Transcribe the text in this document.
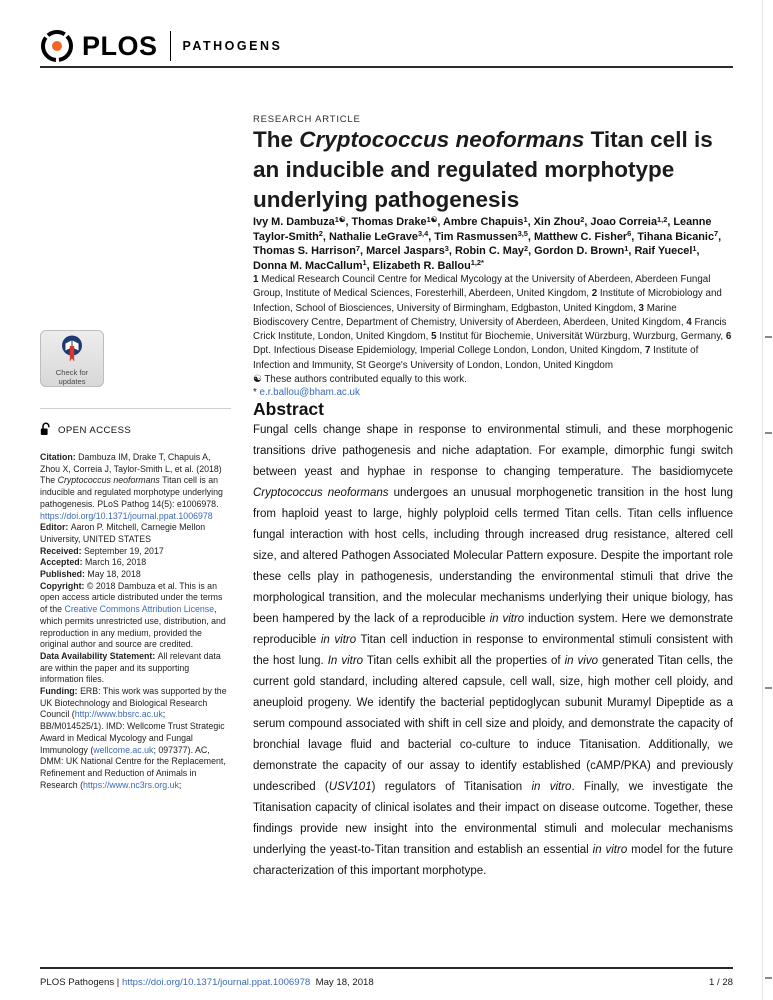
PLOS PATHOGENS
Check for updates
OPEN ACCESS

Citation: Dambuza IM, Drake T, Chapuis A, Zhou X, Correia J, Taylor-Smith L, et al. (2018) The Cryptococcus neoformans Titan cell is an inducible and regulated morphotype underlying pathogenesis. PLoS Pathog 14(5): e1006978. https://doi.org/10.1371/journal.ppat.1006978

Editor: Aaron P. Mitchell, Carnegie Mellon University, UNITED STATES

Received: September 19, 2017

Accepted: March 16, 2018

Published: May 18, 2018

Copyright: © 2018 Dambuza et al. This is an open access article distributed under the terms of the Creative Commons Attribution License, which permits unrestricted use, distribution, and reproduction in any medium, provided the original author and source are credited.

Data Availability Statement: All relevant data are within the paper and its supporting information files.

Funding: ERB: This work was supported by the UK Biotechnology and Biological Research Council (http://www.bbsrc.ac.uk; BB/M014525/1). IMD: Wellcome Trust Strategic Award in Medical Mycology and Fungal Immunology (wellcome.ac.uk; 097377). AC, DMM: UK National Centre for the Replacement, Refinement and Reduction of Animals in Research (https://www.nc3rs.org.uk;

RESEARCH ARTICLE
The Cryptococcus neoformans Titan cell is an inducible and regulated morphotype underlying pathogenesis

Ivy M. Dambuza$^{1☯}$, Thomas Drake$^{1☯}$, Ambre Chapuis$^1$, Xin Zhou$^2$, Joao Correia$^{1,2}$, Leanne Taylor-Smith$^2$, Nathalie LeGrave$^{3,4}$, Tim Rasmussen$^{3,5}$, Matthew C. Fisher$^6$, Tihana Bicanic$^7$, Thomas S. Harrison$^7$, Marcel Jaspars$^3$, Robin C. May$^2$, Gordon D. Brown$^1$, Raif Yuecel$^1$, Donna M. MacCallum$^1$, Elizabeth R. Ballou$^{1,2*}$

1 Medical Research Council Centre for Medical Mycology at the University of Aberdeen, Aberdeen Fungal Group, Institute of Medical Sciences, Foresterhill, Aberdeen, United Kingdom, 2 Institute of Microbiology and Infection, School of Biosciences, University of Birmingham, Edgbaston, United Kingdom, 3 Marine Biodiscovery Centre, Department of Chemistry, University of Aberdeen, Aberdeen, United Kingdom, 4 Francis Crick Institute, London, United Kingdom, 5 Institut für Biochemie, Universität Würzburg, Wurzburg, Germany, 6 Dpt. Infectious Disease Epidemiology, Imperial College London, London, United Kingdom, 7 Institute of Infection and Immunity, St George's University of London, London, United Kingdom

☯ These authors contributed equally to this work.

* e.r.ballou@bham.ac.uk

Abstract

Fungal cells change shape in response to environmental stimuli, and these morphogenic transitions drive pathogenesis and niche adaptation. For example, dimorphic fungi switch between yeast and hyphae in response to changing temperature. The basidiomycete Cryptococcus neoformans undergoes an unusual morphogenetic transition in the host lung from haploid yeast to large, highly polyploid cells termed Titan cells. Titan cells influence fungal interaction with host cells, including through increased drug resistance, altered cell size, and altered Pathogen Associated Molecular Pattern exposure. Despite the important role these cells play in pathogenesis, understanding the environmental stimuli that drive the morphological transition, and the molecular mechanisms underlying their unique biology, has been hampered by the lack of a reproducible in vitro induction system. Here we demonstrate reproducible in vitro Titan cell induction in response to environmental stimuli consistent with the host lung. In vitro Titan cells exhibit all the properties of in vivo generated Titan cells, the current gold standard, including altered capsule, cell wall, size, high mother cell ploidy, and aneuploid progeny. We identify the bacterial peptidoglycan subunit Muramyl Dipeptide as a serum compound associated with shift in cell size and ploidy, and demonstrate the capacity of bronchial lavage fluid and bacterial co-culture to induce Titanisation. Additionally, we demonstrate the capacity of our assay to identify established (cAMP/PKA) and previously undescribed (USV101) regulators of Titanisation in vitro. Finally, we investigate the Titanisation capacity of clinical isolates and their impact on disease outcome. Together, these findings provide new insight into the environmental stimuli and molecular mechanisms underlying the yeast-to-Titan transition and establish an essential in vitro model for the future characterization of this important morphotype.

PLOS Pathogens | https://doi.org/10.1371/journal.ppat.1006978  May 18, 2018	1 / 28
